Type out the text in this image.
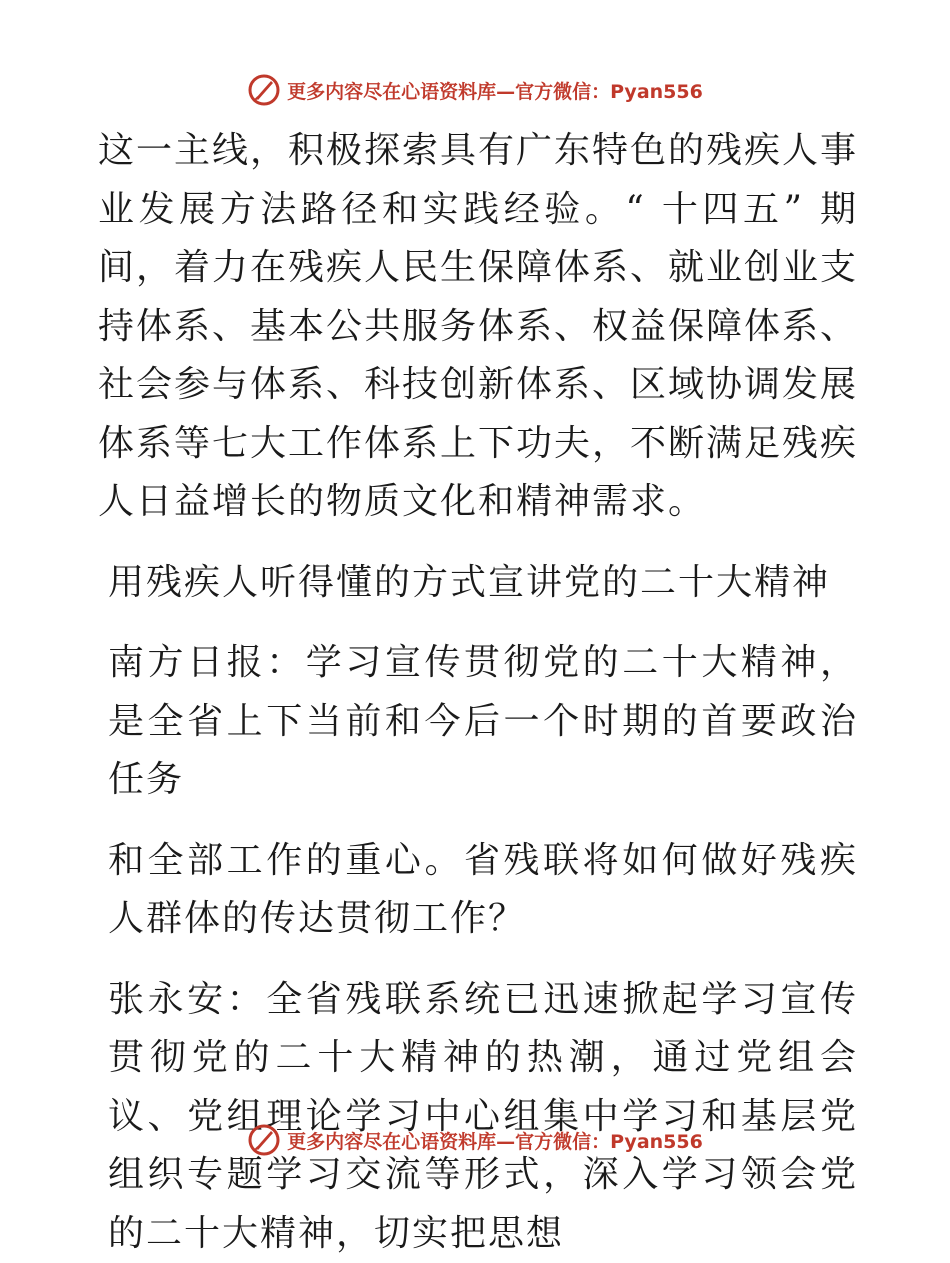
更多内容尽在心语资料库—官方微信：Pyan556

这一主线，积极探索具有广东特色的残疾人事业发展方法路径和实践经验。“ 十四五” 期间，着力在残疾人民生保障体系、就业创业支持体系、基本公共服务体系、权益保障体系、社会参与体系、科技创新体系、区域协调发展体系等七大工作体系上下功夫，不断满足残疾人日益增长的物质文化和精神需求。

用残疾人听得懂的方式宣讲党的二十大精神

南方日报：学习宣传贯彻党的二十大精神，是全省上下当前和今后一个时期的首要政治任务

和全部工作的重心。省残联将如何做好残疾人群体的传达贯彻工作？

张永安：全省残联系统已迅速掀起学习宣传贯彻党的二十大精神的热潮，通过党组会议、党组理论学习中心组集中学习和基层党组织专题学习交流等形式，深入学习领会党的二十大精神，切实把思想

更多内容尽在心语资料库—官方微信：Pyan556
